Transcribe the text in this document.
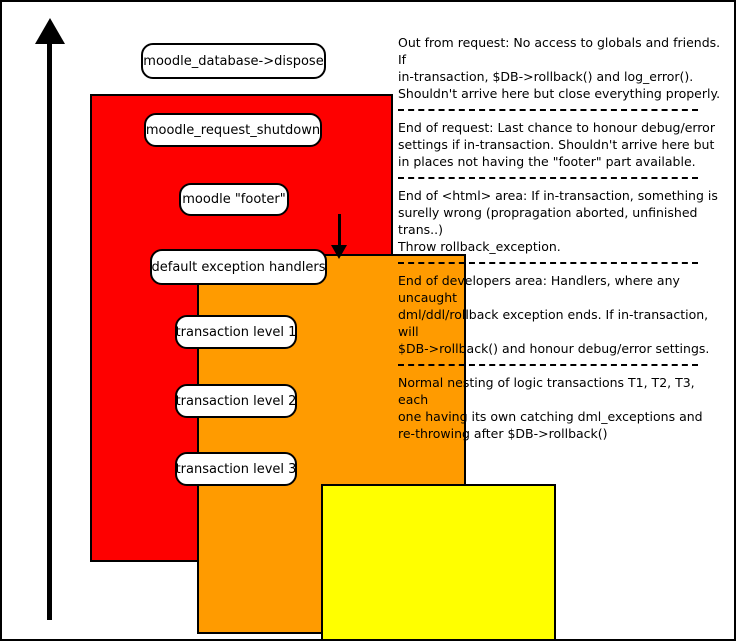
moodle_database->dispose
moodle_request_shutdown
moodle "footer"
default exception handlers
transaction level 1
transaction level 2
transaction level 3

Out from request: No access to globals and friends. If

in-transaction, $DB->rollback() and log_error().

Shouldn't arrive here but close everything properly.

End of request: Last chance to honour debug/error

settings if in-transaction. Shouldn't arrive here but

in places not having the "footer" part available.

End of <html> area: If in-transaction, something is

surelly wrong (propragation aborted, unfinished trans..)

Throw rollback_exception.

End of developers area: Handlers, where any uncaught

dml/ddl/rollback exception ends. If in-transaction, will

$DB->rollback() and honour debug/error settings.

Normal nesting of logic transactions T1, T2, T3, each

one having its own catching dml_exceptions and

re-throwing after $DB->rollback()
